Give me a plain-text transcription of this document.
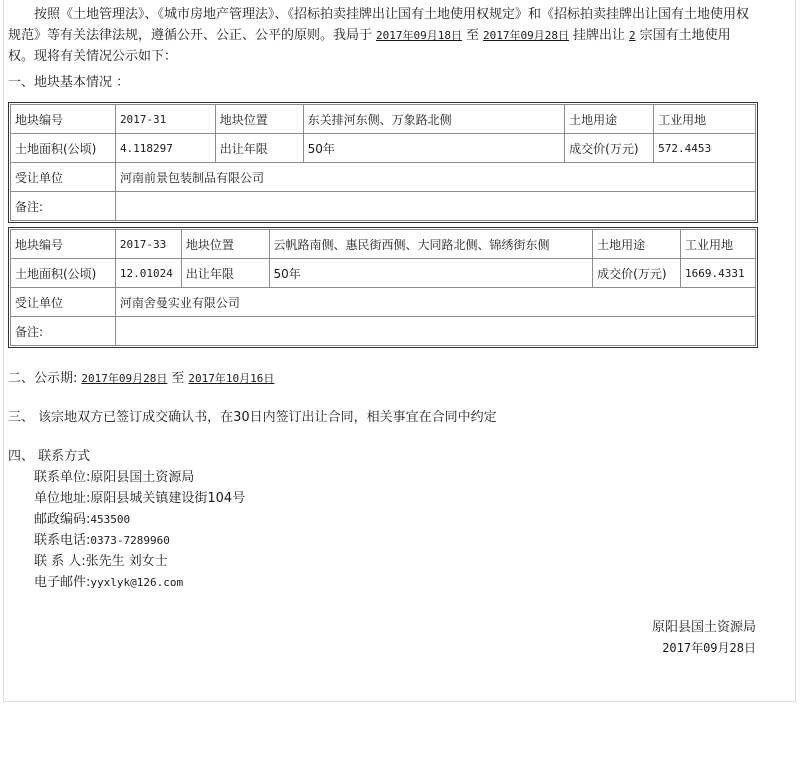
按照《土地管理法》、《城市房地产管理法》、《招标拍卖挂牌出让国有土地使用权规定》和《招标拍卖挂牌出让国有土地使用权规范》等有关法律法规，遵循公开、公正、公平的原则。我局于 2017年09月18日 至 2017年09月28日 挂牌出让 2 宗国有土地使用权。现将有关情况公示如下：

一、地块基本情况 ：

地块编号	2017-31	地块位置	东关排河东侧、万象路北侧	土地用途	工业用地
土地面积(公顷)	4.118297	出让年限	50年	成交价(万元)	572.4453
受让单位	河南前景包装制品有限公司				
备注:					
地块编号	2017-33	地块位置	云帆路南侧、惠民街西侧、大同路北侧、锦绣街东侧	土地用途	工业用地
土地面积(公顷)	12.01024	出让年限	50年	成交价(万元)	1669.4331
受让单位	河南舍曼实业有限公司				
备注:					

二、公示期: 2017年09月28日 至 2017年10月16日

三、 该宗地双方已签订成交确认书，在30日内签订出让合同，相关事宜在合同中约定

四、 联系方式

联系单位:原阳县国土资源局
单位地址:原阳县城关镇建设街104号
邮政编码:453500
联系电话:0373-7289960
联 系 人:张先生 刘女士
电子邮件:yyxlyk@126.com
原阳县国土资源局
2017年09月28日
